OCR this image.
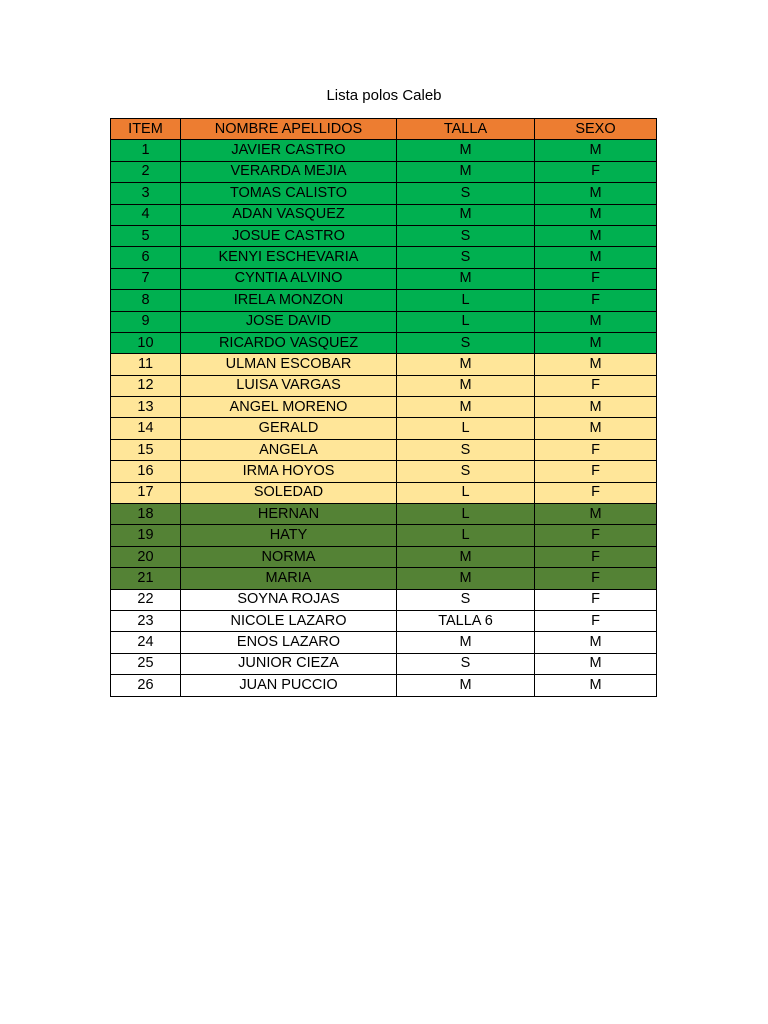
Lista polos Caleb
ITEM	NOMBRE APELLIDOS	TALLA	SEXO
1	JAVIER CASTRO	M	M
2	VERARDA MEJIA	M	F
3	TOMAS CALISTO	S	M
4	ADAN VASQUEZ	M	M
5	JOSUE CASTRO	S	M
6	KENYI ESCHEVARIA	S	M
7	CYNTIA ALVINO	M	F
8	IRELA MONZON	L	F
9	JOSE DAVID	L	M
10	RICARDO VASQUEZ	S	M
11	ULMAN ESCOBAR	M	M
12	LUISA VARGAS	M	F
13	ANGEL MORENO	M	M
14	GERALD	L	M
15	ANGELA	S	F
16	IRMA HOYOS	S	F
17	SOLEDAD	L	F
18	HERNAN	L	M
19	HATY	L	F
20	NORMA	M	F
21	MARIA	M	F
22	SOYNA ROJAS	S	F
23	NICOLE LAZARO	TALLA 6	F
24	ENOS LAZARO	M	M
25	JUNIOR CIEZA	S	M
26	JUAN PUCCIO	M	M
